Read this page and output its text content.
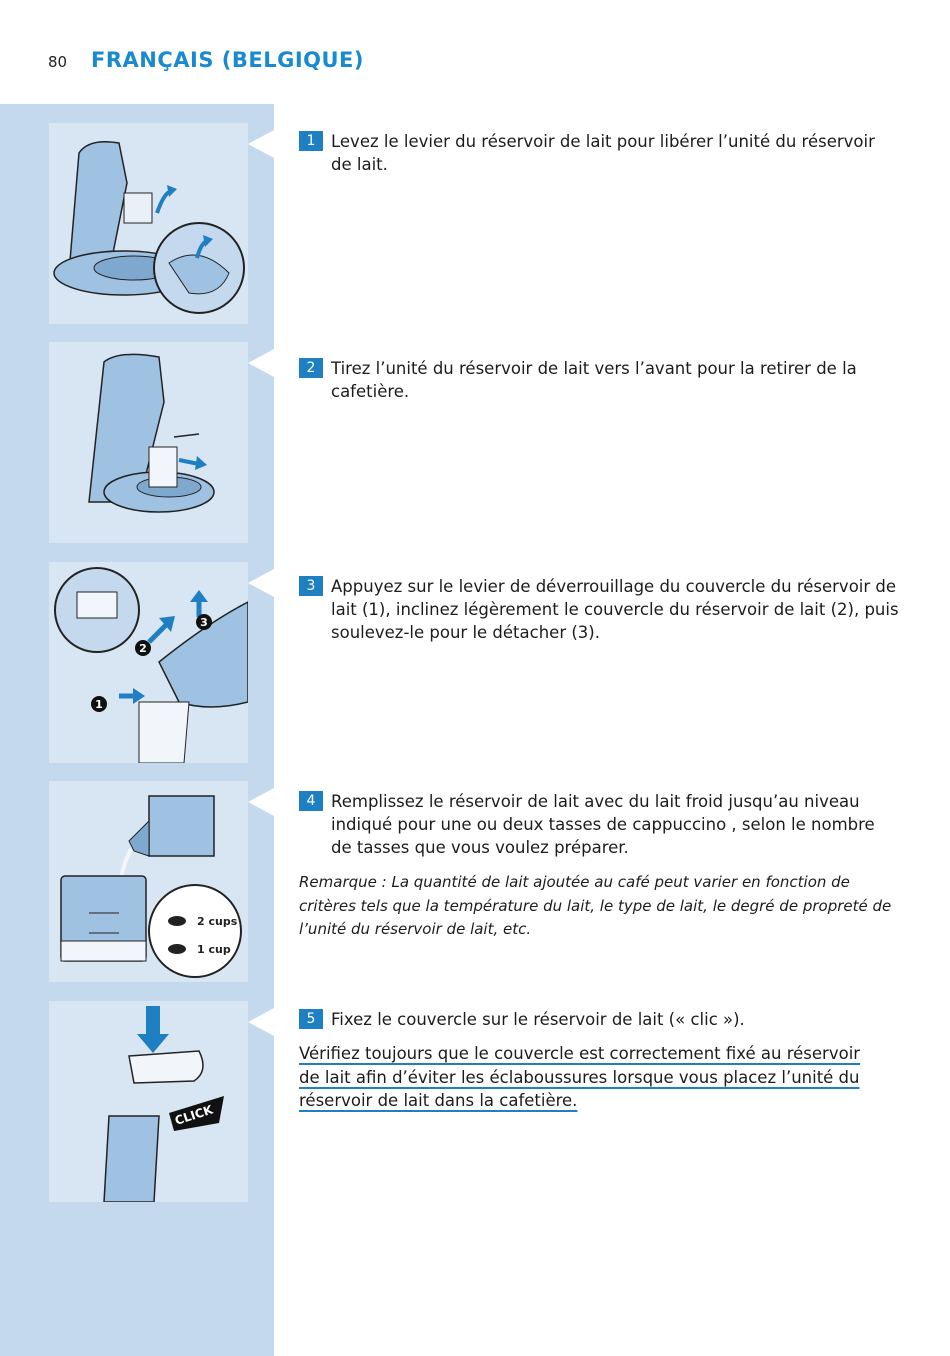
80 FRANÇAIS (BELGIQUE)
1
2
3
2 cups
1 cup
CLICK
1 Levez le levier du réservoir de lait pour libérer l’unité du réservoir de lait.
2 Tirez l’unité du réservoir de lait vers l’avant pour la retirer de la cafetière.
3 Appuyez sur le levier de déverrouillage du couvercle du réservoir de lait (1), inclinez légèrement le couvercle du réservoir de lait (2), puis soulevez-le pour le détacher (3).
4 Remplissez le réservoir de lait avec du lait froid jusqu’au niveau indiqué pour une ou deux tasses de cappuccino , selon le nombre de tasses que vous voulez préparer.
Remarque : La quantité de lait ajoutée au café peut varier en fonction de critères tels que la température du lait, le type de lait, le degré de propreté de l’unité du réservoir de lait, etc.
5 Fixez le couvercle sur le réservoir de lait (« clic »).
Vérifiez toujours que le couvercle est correctement fixé au réservoir
de lait afin d’éviter les éclaboussures lorsque vous placez l’unité du
réservoir de lait dans la cafetière.
